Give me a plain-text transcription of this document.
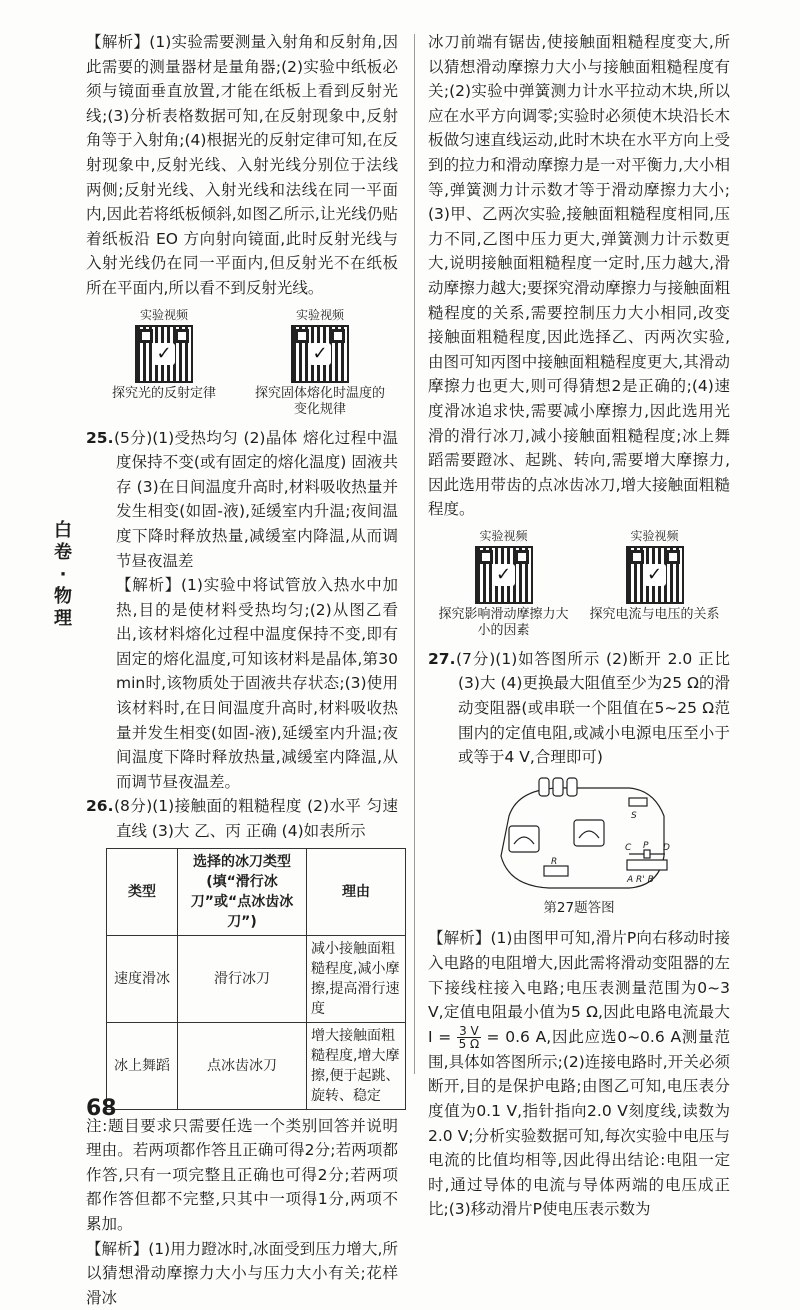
白卷·物理

【解析】(1)实验需要测量入射角和反射角,因此需要的测量器材是量角器;(2)实验中纸板必须与镜面垂直放置,才能在纸板上看到反射光线;(3)分析表格数据可知,在反射现象中,反射角等于入射角;(4)根据光的反射定律可知,在反射现象中,反射光线、入射光线分别位于法线两侧;反射光线、入射光线和法线在同一平面内,因此若将纸板倾斜,如图乙所示,让光线仍贴着纸板沿 EO 方向射向镜面,此时反射光线与入射光线仍在同一平面内,但反射光不在纸板所在平面内,所以看不到反射光线。

实验视频
✓
探究光的反射定律
实验视频
✓
探究固体熔化时温度的变化规律

25.(5分)(1)受热均匀 (2)晶体 熔化过程中温度保持不变(或有固定的熔化温度) 固液共存 (3)在日间温度升高时,材料吸收热量并发生相变(如固-液),延缓室内升温;夜间温度下降时释放热量,减缓室内降温,从而调节昼夜温差

【解析】(1)实验中将试管放入热水中加热,目的是使材料受热均匀;(2)从图乙看出,该材料熔化过程中温度保持不变,即有固定的熔化温度,可知该材料是晶体,第30 min时,该物质处于固液共存状态;(3)使用该材料时,在日间温度升高时,材料吸收热量并发生相变(如固-液),延缓室内升温;夜间温度下降时释放热量,减缓室内降温,从而调节昼夜温差。

26.(8分)(1)接触面的粗糙程度 (2)水平 匀速直线 (3)大 乙、丙 正确 (4)如表所示

类型	选择的冰刀类型(填“滑行冰刀”或“点冰齿冰刀”)	理由
速度滑冰	滑行冰刀	减小接触面粗糙程度,减小摩擦,提高滑行速度
冰上舞蹈	点冰齿冰刀	增大接触面粗糙程度,增大摩擦,便于起跳、旋转、稳定

注:题目要求只需要任选一个类别回答并说明理由。若两项都作答且正确可得2分;若两项都作答,只有一项完整且正确也可得2分;若两项都作答但都不完整,只其中一项得1分,两项不累加。

【解析】(1)用力蹬冰时,冰面受到压力增大,所以猜想滑动摩擦力大小与压力大小有关;花样滑冰

冰刀前端有锯齿,使接触面粗糙程度变大,所以猜想滑动摩擦力大小与接触面粗糙程度有关;(2)实验中弹簧测力计水平拉动木块,所以应在水平方向调零;实验时必须使木块沿长木板做匀速直线运动,此时木块在水平方向上受到的拉力和滑动摩擦力是一对平衡力,大小相等,弹簧测力计示数才等于滑动摩擦力大小;(3)甲、乙两次实验,接触面粗糙程度相同,压力不同,乙图中压力更大,弹簧测力计示数更大,说明接触面粗糙程度一定时,压力越大,滑动摩擦力越大;要探究滑动摩擦力与接触面粗糙程度的关系,需要控制压力大小相同,改变接触面粗糙程度,因此选择乙、丙两次实验,由图可知丙图中接触面粗糙程度更大,其滑动摩擦力也更大,则可得猜想2是正确的;(4)速度滑冰追求快,需要减小摩擦力,因此选用光滑的滑行冰刀,减小接触面粗糙程度;冰上舞蹈需要蹬冰、起跳、转向,需要增大摩擦力,因此选用带齿的点冰齿冰刀,增大接触面粗糙程度。

实验视频
✓
探究影响滑动摩擦力大小的因素
实验视频
✓
探究电流与电压的关系

27.(7分)(1)如答图所示 (2)断开 2.0 正比 (3)大 (4)更换最大阻值至少为25 Ω的滑动变阻器(或串联一个阻值在5~25 Ω范围内的定值电阻,或减小电源电压至小于或等于4 V,合理即可)

S
C P D
R
A R' B
第27题答图

【解析】(1)由图甲可知,滑片P向右移动时接入电路的电阻增大,因此需将滑动变阻器的左下接线柱接入电路;电压表测量范围为0~3 V,定值电阻最小值为5 Ω,因此电路电流最大 $I = \frac{3 V}{5 \Omega} = 0.6$ A,因此应选0~0.6 A测量范围,具体如答图所示;(2)连接电路时,开关必须断开,目的是保护电路;由图乙可知,电压表分度值为0.1 V,指针指向2.0 V刻度线,读数为2.0 V;分析实验数据可知,每次实验中电压与电流的比值均相等,因此得出结论:电阻一定时,通过导体的电流与导体两端的电压成正比;(3)移动滑片P使电压表示数为

68
